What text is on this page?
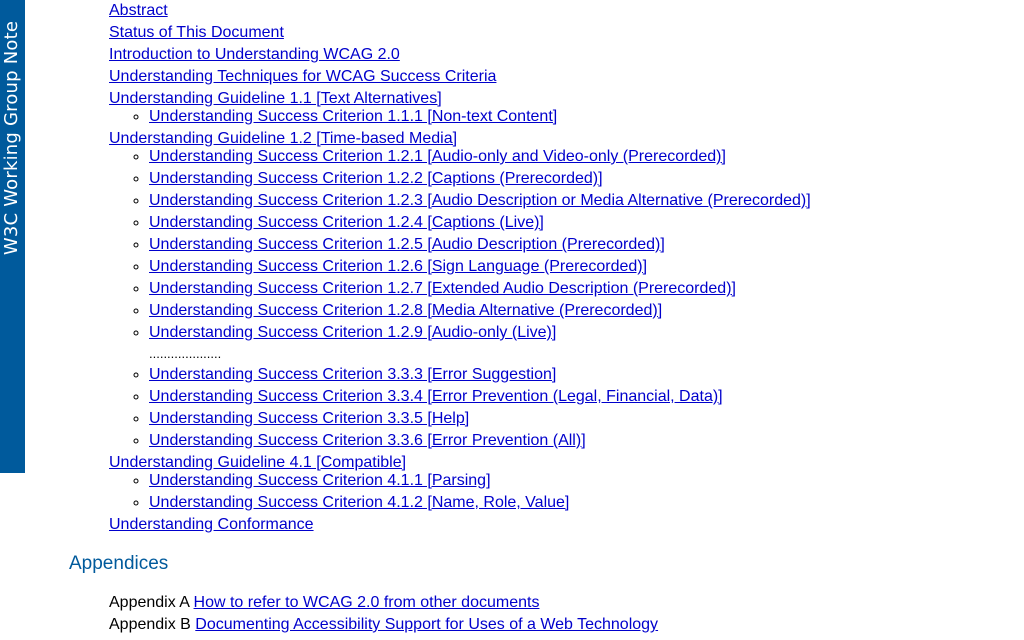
W3C Working Group Note
Abstract
Status of This Document
Introduction to Understanding WCAG 2.0
Understanding Techniques for WCAG Success Criteria
Understanding Guideline 1.1 [Text Alternatives]
◦ Understanding Success Criterion 1.1.1 [Non-text Content]
Understanding Guideline 1.2 [Time-based Media]
◦ Understanding Success Criterion 1.2.1 [Audio-only and Video-only (Prerecorded)]
◦ Understanding Success Criterion 1.2.2 [Captions (Prerecorded)]
◦ Understanding Success Criterion 1.2.3 [Audio Description or Media Alternative (Prerecorded)]
◦ Understanding Success Criterion 1.2.4 [Captions (Live)]
◦ Understanding Success Criterion 1.2.5 [Audio Description (Prerecorded)]
◦ Understanding Success Criterion 1.2.6 [Sign Language (Prerecorded)]
◦ Understanding Success Criterion 1.2.7 [Extended Audio Description (Prerecorded)]
◦ Understanding Success Criterion 1.2.8 [Media Alternative (Prerecorded)]
◦ Understanding Success Criterion 1.2.9 [Audio-only (Live)]
....................
◦ Understanding Success Criterion 3.3.3 [Error Suggestion]
◦ Understanding Success Criterion 3.3.4 [Error Prevention (Legal, Financial, Data)]
◦ Understanding Success Criterion 3.3.5 [Help]
◦ Understanding Success Criterion 3.3.6 [Error Prevention (All)]
Understanding Guideline 4.1 [Compatible]
◦ Understanding Success Criterion 4.1.1 [Parsing]
◦ Understanding Success Criterion 4.1.2 [Name, Role, Value]
Understanding Conformance
Appendices
Appendix A How to refer to WCAG 2.0 from other documents
Appendix B Documenting Accessibility Support for Uses of a Web Technology
